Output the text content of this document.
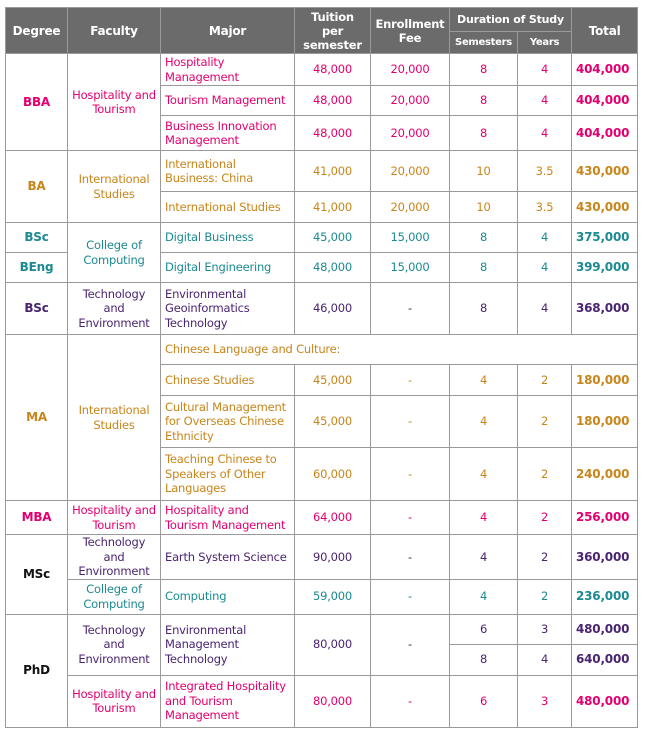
Degree	Faculty	Major	Tuition per semester	Enrollment Fee	Duration of Study		Total
					Semesters	Years	
BBA	Hospitality and Tourism	Hospitality Management	48,000	20,000	8	4	404,000
		Tourism Management	48,000	20,000	8	4	404,000
		Business Innovation Management	48,000	20,000	8	4	404,000
BA	International Studies	International Business: China	41,000	20,000	10	3.5	430,000
		International Studies	41,000	20,000	10	3.5	430,000
BSc	College of Computing	Digital Business	45,000	15,000	8	4	375,000
BEng		Digital Engineering	48,000	15,000	8	4	399,000
BSc	Technology and Environment	Environmental Geoinformatics Technology	46,000	-	8	4	368,000
MA	International Studies	Chinese Language and Culture:					
		Chinese Studies	45,000	-	4	2	180,000
		Cultural Management for Overseas Chinese Ethnicity	45,000	-	4	2	180,000
		Teaching Chinese to Speakers of Other Languages	60,000	-	4	2	240,000
MBA	Hospitality and Tourism	Hospitality and Tourism Management	64,000	-	4	2	256,000
MSc	Technology and Environment	Earth System Science	90,000	-	4	2	360,000
	College of Computing	Computing	59,000	-	4	2	236,000
PhD	Technology and Environment	Environmental Management Technology	80,000	-	6	3	480,000
					8	4	640,000
	Hospitality and Tourism	Integrated Hospitality and Tourism Management	80,000	-	6	3	480,000
